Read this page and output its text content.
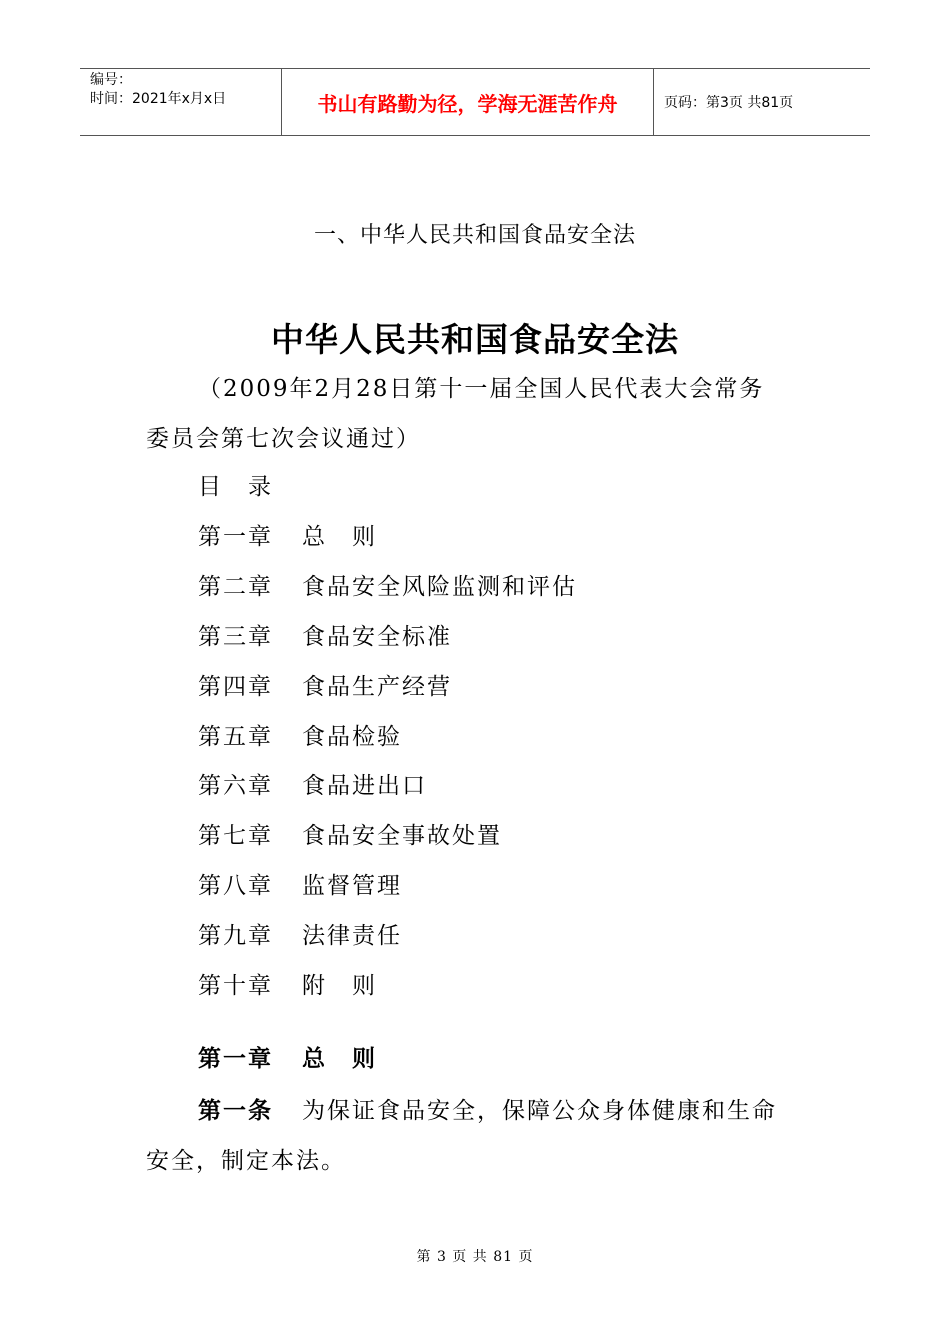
编号：
时间：2021年x月x日	书山有路勤为径，学海无涯苦作舟	页码：第3页 共81页
一、中华人民共和国食品安全法
中华人民共和国食品安全法
（2009年2月28日第十一届全国人民代表大会常务
委员会第七次会议通过）
目　录
第一章 总　则
第二章 食品安全风险监测和评估
第三章 食品安全标准
第四章 食品生产经营
第五章 食品检验
第六章 食品进出口
第七章 食品安全事故处置
第八章 监督管理
第九章 法律责任
第十章 附　则
第一章 总　则
第一条 为保证食品安全，保障公众身体健康和生命
安全，制定本法。
第 3 页 共 81 页
